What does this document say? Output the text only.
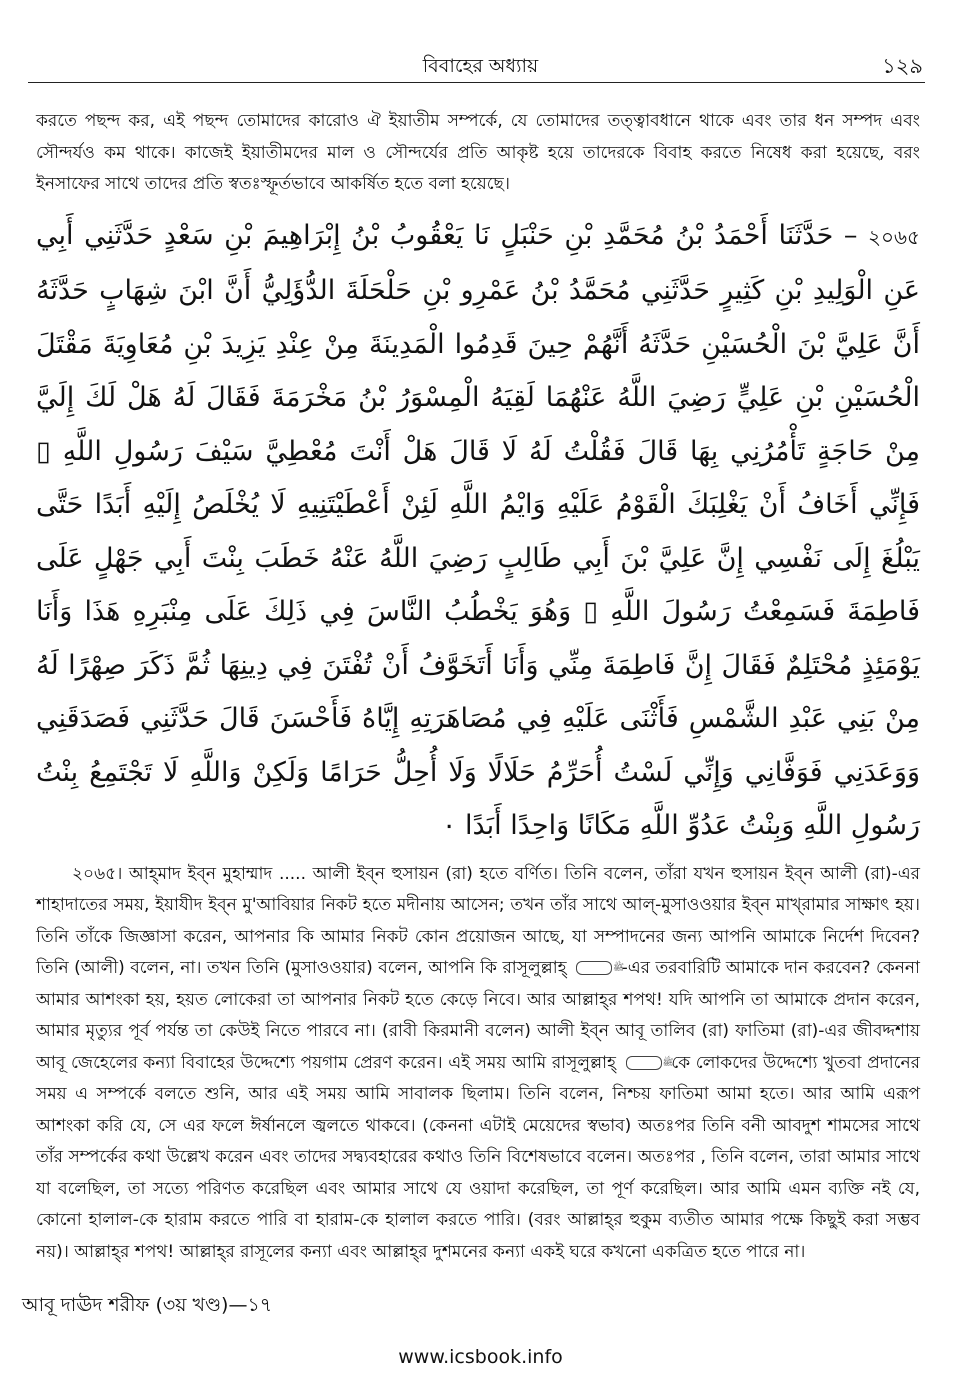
বিবাহের অধ্যায়	১২৯

করতে পছন্দ কর, এই পছন্দ তোমাদের কারোও ঐ ইয়াতীম সম্পর্কে, যে তোমাদের তত্ত্বাবধানে থাকে এবং তার ধন সম্পদ এবং সৌন্দর্যও কম থাকে। কাজেই ইয়াতীমদের মাল ও সৌন্দর্যের প্রতি আকৃষ্ট হয়ে তাদেরকে বিবাহ করতে নিষেধ করা হয়েছে, বরং ইনসাফের সাথে তাদের প্রতি স্বতঃস্ফূর্তভাবে আকর্ষিত হতে বলা হয়েছে।

২০৬৫ – حَدَّثَنَا أَحْمَدُ بْنُ مُحَمَّدِ بْنِ حَنْبَلٍ نَا يَعْقُوبُ بْنُ إِبْرَاهِيمَ بْنِ سَعْدٍ حَدَّثَنِي أَبِي عَنِ الْوَلِيدِ بْنِ كَثِيرٍ حَدَّثَنِي مُحَمَّدُ بْنُ عَمْرِو بْنِ حَلْحَلَةَ الدُّؤَلِيُّ أَنَّ ابْنَ شِهَابٍ حَدَّثَهُ أَنَّ عَلِيَّ بْنَ الْحُسَيْنِ حَدَّثَهُ أَنَّهُمْ حِينَ قَدِمُوا الْمَدِينَةَ مِنْ عِنْدِ يَزِيدَ بْنِ مُعَاوِيَةَ مَقْتَلَ الْحُسَيْنِ بْنِ عَلِيٍّ رَضِيَ اللَّهُ عَنْهُمَا لَقِيَهُ الْمِسْوَرُ بْنُ مَخْرَمَةَ فَقَالَ لَهُ هَلْ لَكَ إِلَيَّ مِنْ حَاجَةٍ تَأْمُرُنِي بِهَا قَالَ فَقُلْتُ لَهُ لَا قَالَ هَلْ أَنْتَ مُعْطِيَّ سَيْفَ رَسُولِ اللَّهِ ▯ فَإِنِّي أَخَافُ أَنْ يَغْلِبَكَ الْقَوْمُ عَلَيْهِ وَايْمُ اللَّهِ لَئِنْ أَعْطَيْتَنِيهِ لَا يُخْلَصُ إِلَيْهِ أَبَدًا حَتَّى يَبْلُغَ إِلَى نَفْسِي إِنَّ عَلِيَّ بْنَ أَبِي طَالِبٍ رَضِيَ اللَّهُ عَنْهُ خَطَبَ بِنْتَ أَبِي جَهْلٍ عَلَى فَاطِمَةَ فَسَمِعْتُ رَسُولَ اللَّهِ ▯ وَهُوَ يَخْطُبُ النَّاسَ فِي ذَلِكَ عَلَى مِنْبَرِهِ هَذَا وَأَنَا يَوْمَئِذٍ مُحْتَلِمٌ فَقَالَ إِنَّ فَاطِمَةَ مِنِّي وَأَنَا أَتَخَوَّفُ أَنْ تُفْتَنَ فِي دِينِهَا ثُمَّ ذَكَرَ صِهْرًا لَهُ مِنْ بَنِي عَبْدِ الشَّمْسِ فَأَثْنَى عَلَيْهِ فِي مُصَاهَرَتِهِ إِيَّاهُ فَأَحْسَنَ قَالَ حَدَّثَنِي فَصَدَقَنِي وَوَعَدَنِي فَوَفَّانِي وَإِنِّي لَسْتُ أُحَرِّمُ حَلَالًا وَلَا أُحِلُّ حَرَامًا وَلَكِنْ وَاللَّهِ لَا تَجْتَمِعُ بِنْتُ رَسُولِ اللَّهِ وَبِنْتُ عَدُوِّ اللَّهِ مَكَانًا وَاحِدًا أَبَدًا ۰

২০৬৫। আহ্‌মাদ ইব্‌ন মুহাম্মাদ ..... আলী ইব্‌ন হুসায়ন (রা) হতে বর্ণিত। তিনি বলেন, তাঁরা যখন হুসায়ন ইব্‌ন আলী (রা)-এর শাহাদাতের সময়, ইয়াযীদ ইব্‌ন মু'আবিয়ার নিকট হতে মদীনায় আসেন; তখন তাঁর সাথে আল্-মুসাওওয়ার ইব্‌ন মাখ্‌রামার সাক্ষাৎ হয়। তিনি তাঁকে জিজ্ঞাসা করেন, আপনার কি আমার নিকট কোন প্রয়োজন আছে, যা সম্পাদনের জন্য আপনি আমাকে নির্দেশ দিবেন? তিনি (আলী) বলেন, না। তখন তিনি (মুসাওওয়ার) বলেন, আপনি কি রাসূলুল্লাহ্	ﷺ -এর তরবারিটি আমাকে দান করবেন? কেননা আমার আশংকা হয়, হয়ত লোকেরা তা আপনার নিকট হতে কেড়ে নিবে। আর আল্লাহ্‌র শপথ! যদি আপনি তা আমাকে প্রদান করেন, আমার মৃত্যুর পূর্ব পর্যন্ত তা কেউই নিতে পারবে না। (রাবী কিরমানী বলেন) আলী ইব্‌ন আবূ তালিব (রা) ফাতিমা (রা)-এর জীবদ্দশায় আবূ জেহেলের কন্যা বিবাহের উদ্দেশ্যে পয়গাম প্রেরণ করেন। এই সময় আমি রাসূলুল্লাহ্	ﷺ কে লোকদের উদ্দেশ্যে খুতবা প্রদানের সময় এ সম্পর্কে বলতে শুনি, আর এই সময় আমি সাবালক ছিলাম। তিনি বলেন, নিশ্চয় ফাতিমা আমা হতে। আর আমি এরূপ আশংকা করি যে, সে এর ফলে ঈর্ষানলে জ্বলতে থাকবে। (কেননা এটাই মেয়েদের স্বভাব) অতঃপর তিনি বনী আবদুশ শামসের সাথে তাঁর সম্পর্কের কথা উল্লেখ করেন এবং তাদের সদ্ব্যবহারের কথাও তিনি বিশেষভাবে বলেন। অতঃপর , তিনি বলেন, তারা আমার সাথে যা বলেছিল, তা সত্যে পরিণত করেছিল এবং আমার সাথে যে ওয়াদা করেছিল, তা পূর্ণ করেছিল। আর আমি এমন ব্যক্তি নই যে, কোনো হালাল-কে হারাম করতে পারি বা হারাম-কে হালাল করতে পারি। (বরং আল্লাহ্‌র হুকুম ব্যতীত আমার পক্ষে কিছুই করা সম্ভব নয়)। আল্লাহ্‌র শপথ! আল্লাহ্‌র রাসূলের কন্যা এবং আল্লাহ্‌র দুশমনের কন্যা একই ঘরে কখনো একত্রিত হতে পারে না।

আবূ দাঊদ শরীফ (৩য় খণ্ড)—১৭
www.icsbook.info
